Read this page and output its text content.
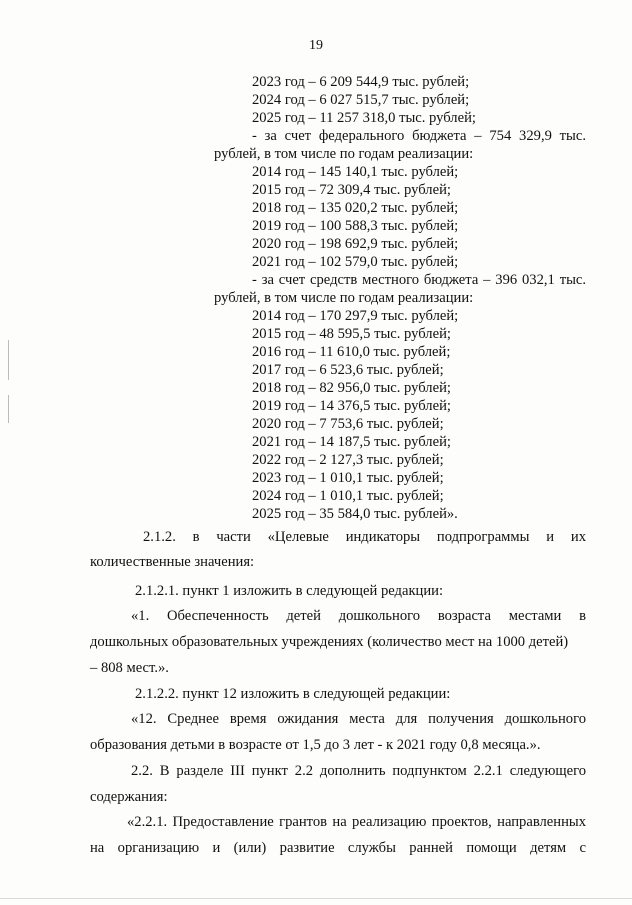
19
2023 год – 6 209 544,9 тыс. рублей;
2024 год – 6 027 515,7 тыс. рублей;
2025 год – 11 257 318,0 тыс. рублей;
- за счет федерального бюджета – 754 329,9 тыс.
рублей, в том числе по годам реализации:
2014 год – 145 140,1 тыс. рублей;
2015 год – 72 309,4 тыс. рублей;
2018 год – 135 020,2 тыс. рублей;
2019 год – 100 588,3 тыс. рублей;
2020 год – 198 692,9 тыс. рублей;
2021 год – 102 579,0 тыс. рублей;
- за счет средств местного бюджета – 396 032,1 тыс.
рублей, в том числе по годам реализации:
2014 год – 170 297,9 тыс. рублей;
2015 год – 48 595,5 тыс. рублей;
2016 год – 11 610,0 тыс. рублей;
2017 год – 6 523,6 тыс. рублей;
2018 год – 82 956,0 тыс. рублей;
2019 год – 14 376,5 тыс. рублей;
2020 год – 7 753,6 тыс. рублей;
2021 год – 14 187,5 тыс. рублей;
2022 год – 2 127,3 тыс. рублей;
2023 год – 1 010,1 тыс. рублей;
2024 год – 1 010,1 тыс. рублей;
2025 год – 35 584,0 тыс. рублей».
2.1.2. в части «Целевые индикаторы подпрограммы и их
количественные значения:
2.1.2.1. пункт 1 изложить в следующей редакции:
«1. Обеспеченность детей дошкольного возраста местами в
дошкольных образовательных учреждениях (количество мест на 1000 детей)
– 808 мест.».
2.1.2.2. пункт 12 изложить в следующей редакции:
«12. Среднее время ожидания места для получения дошкольного
образования детьми в возрасте от 1,5 до 3 лет - к 2021 году 0,8 месяца.».
2.2. В разделе III пункт 2.2 дополнить подпунктом 2.2.1 следующего
содержания:
«2.2.1. Предоставление грантов на реализацию проектов, направленных
на организацию и (или) развитие службы ранней помощи детям с
